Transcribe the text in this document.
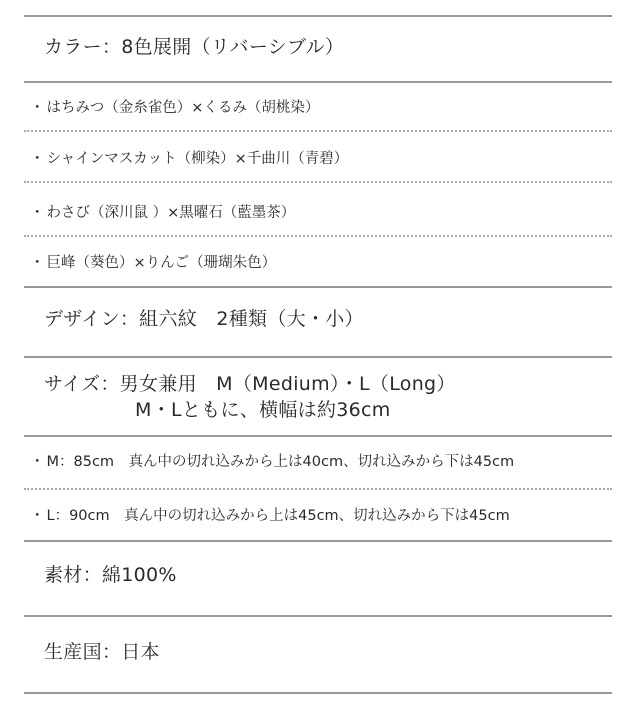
カラー：8色展開（リバーシブル）
・ はちみつ（金糸雀色）×くるみ（胡桃染）
・ シャインマスカット（柳染）×千曲川（青碧）
・ わさび（深川鼠 ）×黒曜石（藍墨茶）
・ 巨峰（葵色）×りんご（珊瑚朱色）
デザイン：組六紋　2種類（大・小）
サイズ：男女兼用　M（Medium）・L（Long）
M・Lともに、横幅は約36cm
・ M：85cm　真ん中の切れ込みから上は40cm、切れ込みから下は45cm
・ L：90cm　真ん中の切れ込みから上は45cm、切れ込みから下は45cm
素材：綿100%
生産国：日本
